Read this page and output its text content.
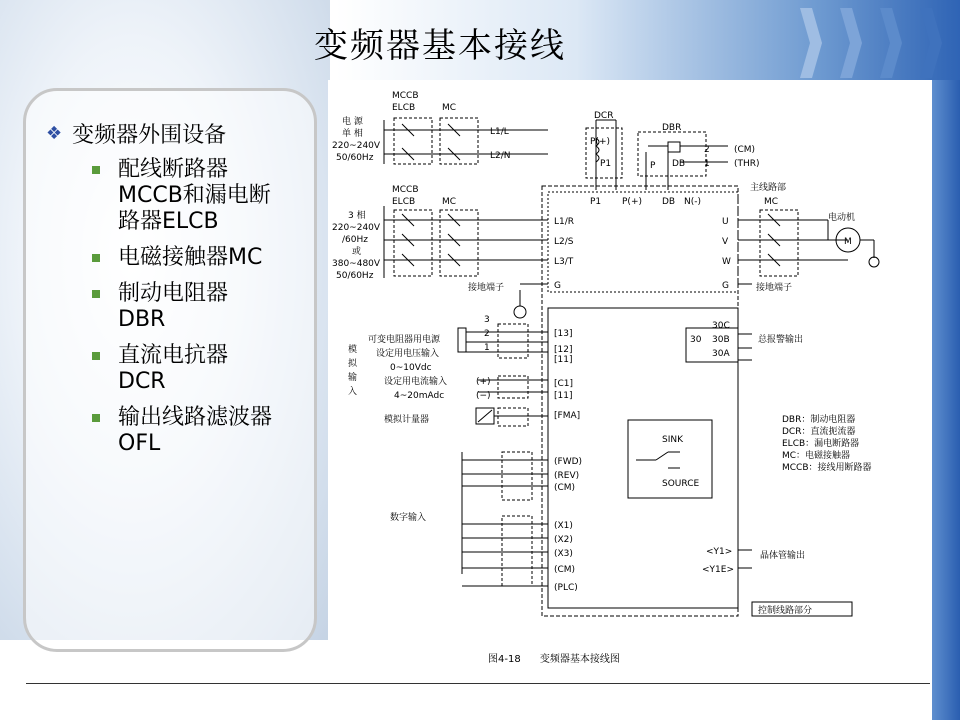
变频器基本接线
❖ 变频器外围设备
配线断路器MCCB和漏电断路器ELCB
电磁接触器MC
制动电阻器DBR
直流电抗器DCR
输出线路滤波器OFL
电 源
单 相
220~240V
50/60Hz
MCCB
ELCB	MC
L1/L
L2/N
3 相
220~240V
/60Hz
或
380~480V
50/60Hz
MCCB
ELCB	MC
L1/R
L2/S
L3/T
G
接地端子
DCR
P(+)
P1
DBR
P DB
2
1
(CM)
(THR)
P1 P(+) DB N(-)
主线路部
MC
U
V
W
G	接地端子
电动机
M
3
2
1
可变电阻器用电源
设定用电压输入
0~10Vdc
设定用电流输入
4~20mAdc
(+)
(−)
模
拟
输
入
模拟计量器
[13]
[12]
[11]
[C1]
[11]
[FMA]
(FWD)
(REV)
(CM)
(X1)
(X2)
(X3)
(CM)
(PLC)
数字输入
SINK
SOURCE
30C
30 30B
30A
总报警输出
<Y1>
<Y1E>
晶体管输出
控制线路部分
DBR：制动电阻器
DCR：直流扼流器
ELCB：漏电断路器
MC：电磁接触器
MCCB：接线用断路器
图4-18 变频器基本接线图
